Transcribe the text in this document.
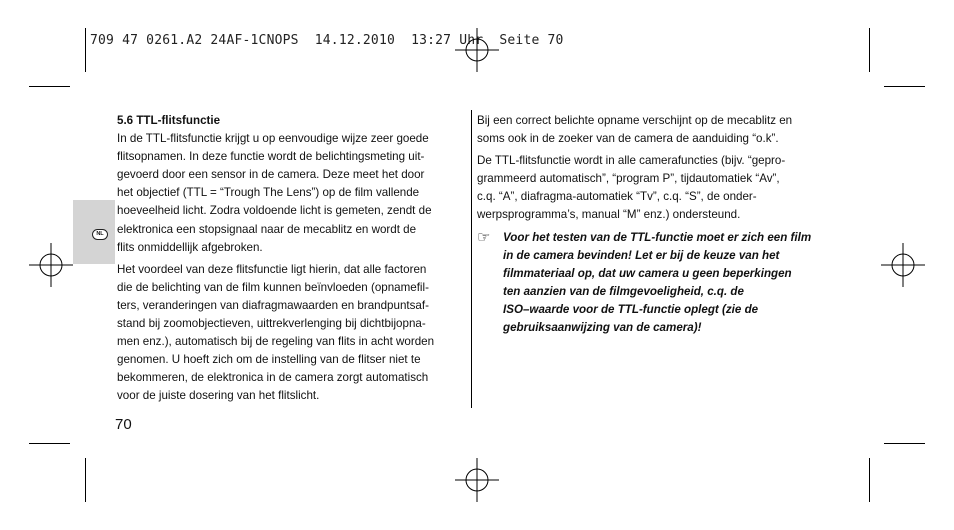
709 47 0261.A2 24AF-1CNOPS  14.12.2010  13:27 Uhr  Seite 70
NL

5.6 TTL-flitsfunctie

In de TTL-flitsfunctie krijgt u op eenvoudige wijze zeer goede
flitsopnamen. In deze functie wordt de belichtingsmeting uit-
gevoerd door een sensor in de camera. Deze meet het door
het objectief (TTL = “Trough The Lens”) op de film vallende
hoeveelheid licht. Zodra voldoende licht is gemeten, zendt de
elektronica een stopsignaal naar de mecablitz en wordt de
flits onmiddellijk afgebroken.

Het voordeel van deze flitsfunctie ligt hierin, dat alle factoren
die de belichting van de film kunnen beïnvloeden (opnamefil-
ters, veranderingen van diafragmawaarden en brandpuntsaf-
stand bij zoomobjectieven, uittrekverlenging bij dichtbijopna-
men enz.), automatisch bij de regeling van flits in acht worden
genomen. U hoeft zich om de instelling van de flitser niet te
bekommeren, de elektronica in de camera zorgt automatisch
voor de juiste dosering van het flitslicht.

Bij een correct belichte opname verschijnt op de mecablitz en
soms ook in de zoeker van de camera de aanduiding “o.k”.

De TTL-flitsfunctie wordt in alle camerafuncties (bijv. “gepro-
grammeerd automatisch”, “program P”, tijdautomatiek “Av”,
c.q. “A”, diafragma-automatiek “Tv”, c.q. “S”, de onder-
werpsprogramma’s, manual “M” enz.) ondersteund.

☞ Voor het testen van de TTL-functie moet er zich een film
in de camera bevinden! Let er bij de keuze van het
filmmateriaal op, dat uw camera u geen beperkingen
ten aanzien van de filmgevoeligheid, c.q. de
ISO–waarde voor de TTL-functie oplegt (zie de
gebruiksaanwijzing van de camera)!
70
